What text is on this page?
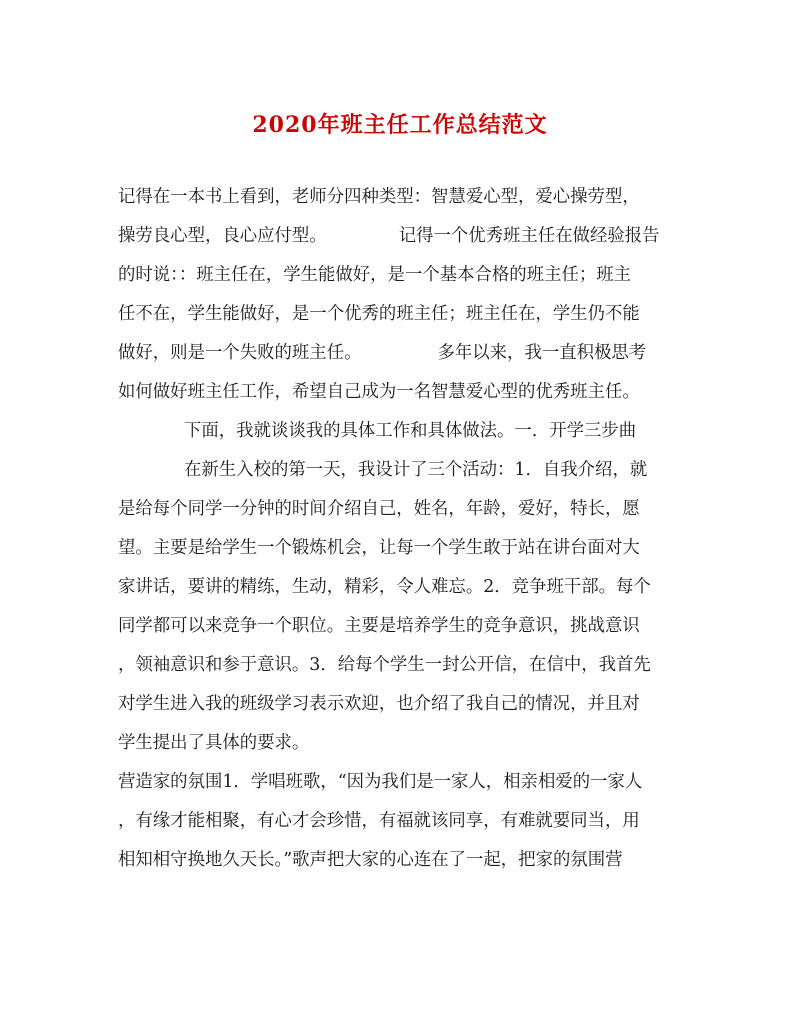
2020年班主任工作总结范文
记得在一本书上看到，老师分四种类型：智慧爱心型，爱心操劳型，
操劳良心型，良心应付型。	记得一个优秀班主任在做经验报告
的时说：：班主任在，学生能做好，是一个基本合格的班主任；班主
任不在，学生能做好，是一个优秀的班主任；班主任在，学生仍不能
做好，则是一个失败的班主任。	多年以来，我一直积极思考
如何做好班主任工作，希望自己成为一名智慧爱心型的优秀班主任。
下面，我就谈谈我的具体工作和具体做法。一．开学三步曲
在新生入校的第一天，我设计了三个活动：1．自我介绍，就
是给每个同学一分钟的时间介绍自己，姓名，年龄，爱好，特长，愿
望。主要是给学生一个锻炼机会，让每一个学生敢于站在讲台面对大
家讲话，要讲的精练，生动，精彩，令人难忘。2．竞争班干部。每个
同学都可以来竞争一个职位。主要是培养学生的竞争意识，挑战意识
，领袖意识和参于意识。3．给每个学生一封公开信，在信中，我首先
对学生进入我的班级学习表示欢迎，也介绍了我自己的情况，并且对
学生提出了具体的要求。
营造家的氛围1．学唱班歌，“因为我们是一家人，相亲相爱的一家人
，有缘才能相聚，有心才会珍惜，有福就该同享，有难就要同当，用
相知相守换地久天长。”歌声把大家的心连在了一起，把家的氛围营
